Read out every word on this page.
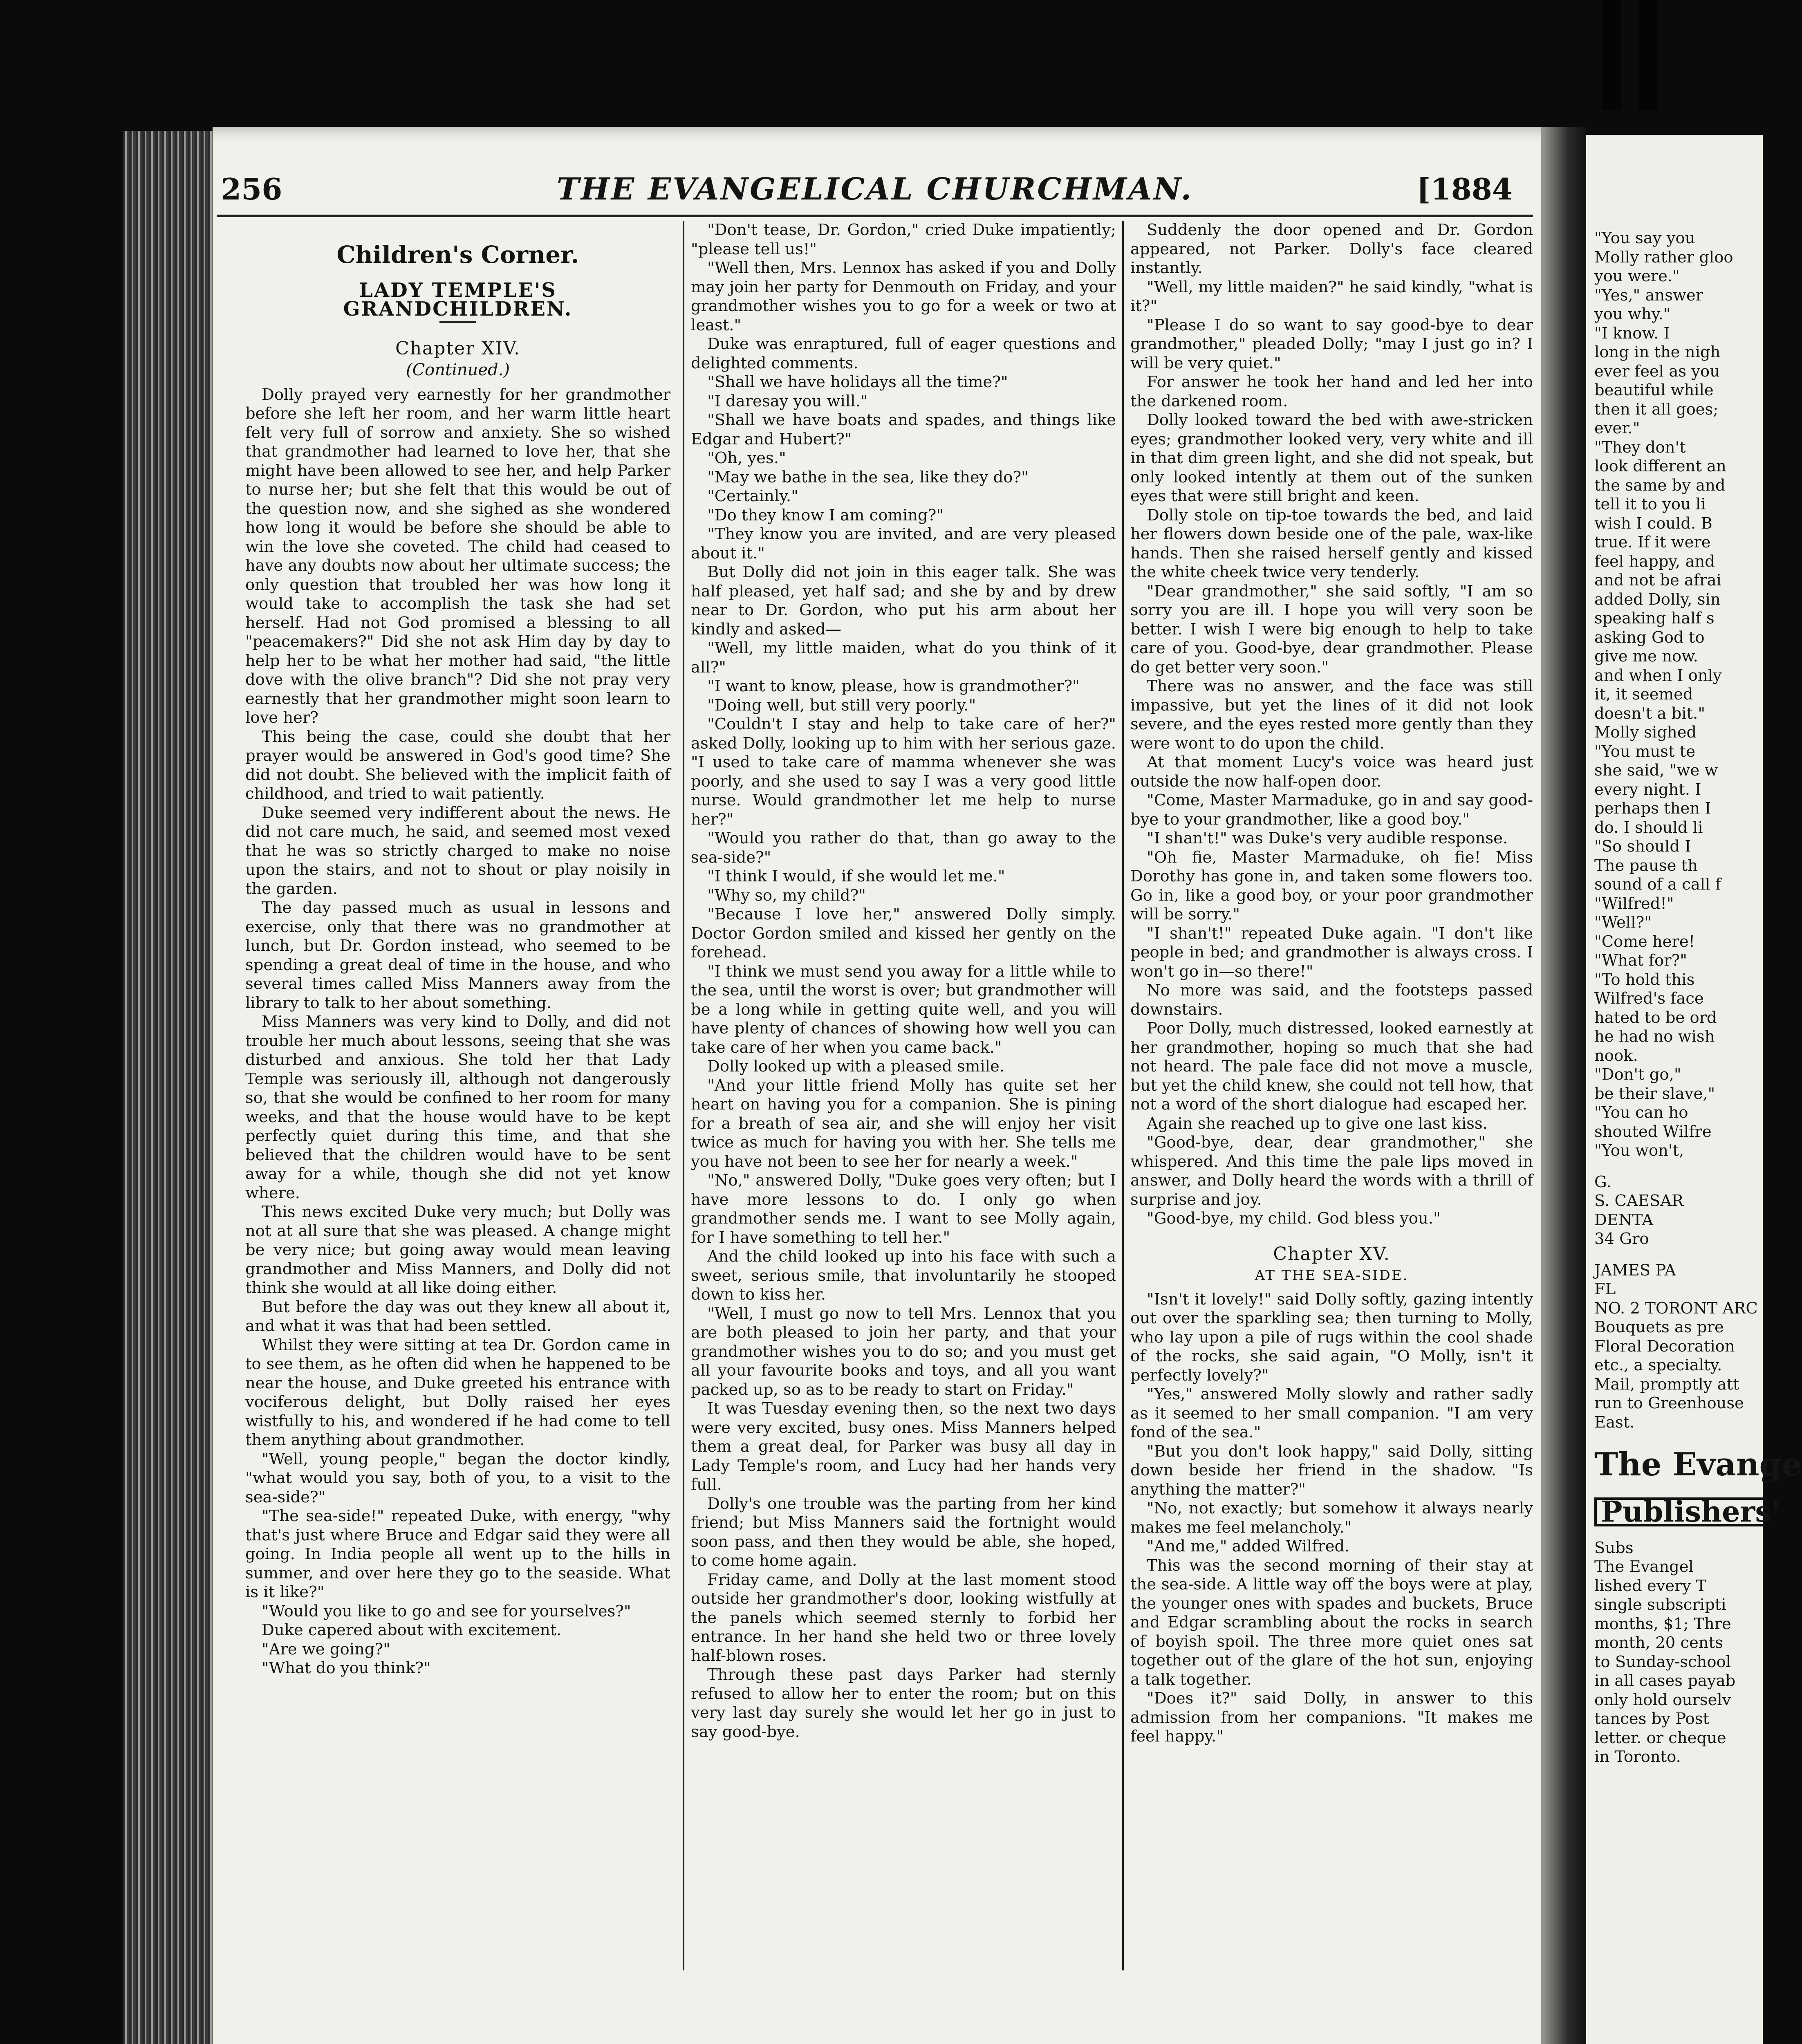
256	THE EVANGELICAL CHURCHMAN.	[1884
Children's Corner.
LADY TEMPLE'S GRANDCHILDREN.
Chapter XIV.
(Continued.)

Dolly prayed very earnestly for her grandmother before she left her room, and her warm little heart felt very full of sorrow and anxiety. She so wished that grandmother had learned to love her, that she might have been allowed to see her, and help Parker to nurse her; but she felt that this would be out of the question now, and she sighed as she wondered how long it would be before she should be able to win the love she coveted. The child had ceased to have any doubts now about her ultimate success; the only question that troubled her was how long it would take to accomplish the task she had set herself. Had not God promised a blessing to all "peacemakers?" Did she not ask Him day by day to help her to be what her mother had said, "the little dove with the olive branch"? Did she not pray very earnestly that her grandmother might soon learn to love her?

This being the case, could she doubt that her prayer would be answered in God's good time? She did not doubt. She believed with the implicit faith of childhood, and tried to wait patiently.

Duke seemed very indifferent about the news. He did not care much, he said, and seemed most vexed that he was so strictly charged to make no noise upon the stairs, and not to shout or play noisily in the garden.

The day passed much as usual in lessons and exercise, only that there was no grandmother at lunch, but Dr. Gordon instead, who seemed to be spending a great deal of time in the house, and who several times called Miss Manners away from the library to talk to her about something.

Miss Manners was very kind to Dolly, and did not trouble her much about lessons, seeing that she was disturbed and anxious. She told her that Lady Temple was seriously ill, although not dangerously so, that she would be confined to her room for many weeks, and that the house would have to be kept perfectly quiet during this time, and that she believed that the children would have to be sent away for a while, though she did not yet know where.

This news excited Duke very much; but Dolly was not at all sure that she was pleased. A change might be very nice; but going away would mean leaving grandmother and Miss Manners, and Dolly did not think she would at all like doing either.

But before the day was out they knew all about it, and what it was that had been settled.

Whilst they were sitting at tea Dr. Gordon came in to see them, as he often did when he happened to be near the house, and Duke greeted his entrance with vociferous delight, but Dolly raised her eyes wistfully to his, and wondered if he had come to tell them anything about grandmother.

"Well, young people," began the doctor kindly, "what would you say, both of you, to a visit to the sea-side?"

"The sea-side!" repeated Duke, with energy, "why that's just where Bruce and Edgar said they were all going. In India people all went up to the hills in summer, and over here they go to the seaside. What is it like?"

"Would you like to go and see for yourselves?"

Duke capered about with excitement.

"Are we going?"

"What do you think?"

"Don't tease, Dr. Gordon," cried Duke impatiently; "please tell us!"

"Well then, Mrs. Lennox has asked if you and Dolly may join her party for Denmouth on Friday, and your grandmother wishes you to go for a week or two at least."

Duke was enraptured, full of eager questions and delighted comments.

"Shall we have holidays all the time?"

"I daresay you will."

"Shall we have boats and spades, and things like Edgar and Hubert?"

"Oh, yes."

"May we bathe in the sea, like they do?"

"Certainly."

"Do they know I am coming?"

"They know you are invited, and are very pleased about it."

But Dolly did not join in this eager talk. She was half pleased, yet half sad; and she by and by drew near to Dr. Gordon, who put his arm about her kindly and asked—

"Well, my little maiden, what do you think of it all?"

"I want to know, please, how is grandmother?"

"Doing well, but still very poorly."

"Couldn't I stay and help to take care of her?" asked Dolly, looking up to him with her serious gaze. "I used to take care of mamma whenever she was poorly, and she used to say I was a very good little nurse. Would grandmother let me help to nurse her?"

"Would you rather do that, than go away to the sea-side?"

"I think I would, if she would let me."

"Why so, my child?"

"Because I love her," answered Dolly simply. Doctor Gordon smiled and kissed her gently on the forehead.

"I think we must send you away for a little while to the sea, until the worst is over; but grandmother will be a long while in getting quite well, and you will have plenty of chances of showing how well you can take care of her when you came back."

Dolly looked up with a pleased smile.

"And your little friend Molly has quite set her heart on having you for a companion. She is pining for a breath of sea air, and she will enjoy her visit twice as much for having you with her. She tells me you have not been to see her for nearly a week."

"No," answered Dolly, "Duke goes very often; but I have more lessons to do. I only go when grandmother sends me. I want to see Molly again, for I have something to tell her."

And the child looked up into his face with such a sweet, serious smile, that involuntarily he stooped down to kiss her.

"Well, I must go now to tell Mrs. Lennox that you are both pleased to join her party, and that your grandmother wishes you to do so; and you must get all your favourite books and toys, and all you want packed up, so as to be ready to start on Friday."

It was Tuesday evening then, so the next two days were very excited, busy ones. Miss Manners helped them a great deal, for Parker was busy all day in Lady Temple's room, and Lucy had her hands very full.

Dolly's one trouble was the parting from her kind friend; but Miss Manners said the fortnight would soon pass, and then they would be able, she hoped, to come home again.

Friday came, and Dolly at the last moment stood outside her grandmother's door, looking wistfully at the panels which seemed sternly to forbid her entrance. In her hand she held two or three lovely half-blown roses.

Through these past days Parker had sternly refused to allow her to enter the room; but on this very last day surely she would let her go in just to say good-bye.

Suddenly the door opened and Dr. Gordon appeared, not Parker. Dolly's face cleared instantly.

"Well, my little maiden?" he said kindly, "what is it?"

"Please I do so want to say good-bye to dear grandmother," pleaded Dolly; "may I just go in? I will be very quiet."

For answer he took her hand and led her into the darkened room.

Dolly looked toward the bed with awe-stricken eyes; grandmother looked very, very white and ill in that dim green light, and she did not speak, but only looked intently at them out of the sunken eyes that were still bright and keen.

Dolly stole on tip-toe towards the bed, and laid her flowers down beside one of the pale, wax-like hands. Then she raised herself gently and kissed the white cheek twice very tenderly.

"Dear grandmother," she said softly, "I am so sorry you are ill. I hope you will very soon be better. I wish I were big enough to help to take care of you. Good-bye, dear grandmother. Please do get better very soon."

There was no answer, and the face was still impassive, but yet the lines of it did not look severe, and the eyes rested more gently than they were wont to do upon the child.

At that moment Lucy's voice was heard just outside the now half-open door.

"Come, Master Marmaduke, go in and say good-bye to your grandmother, like a good boy."

"I shan't!" was Duke's very audible response.

"Oh fie, Master Marmaduke, oh fie! Miss Dorothy has gone in, and taken some flowers too. Go in, like a good boy, or your poor grandmother will be sorry."

"I shan't!" repeated Duke again. "I don't like people in bed; and grandmother is always cross. I won't go in—so there!"

No more was said, and the footsteps passed downstairs.

Poor Dolly, much distressed, looked earnestly at her grandmother, hoping so much that she had not heard. The pale face did not move a muscle, but yet the child knew, she could not tell how, that not a word of the short dialogue had escaped her.

Again she reached up to give one last kiss.

"Good-bye, dear, dear grandmother," she whispered. And this time the pale lips moved in answer, and Dolly heard the words with a thrill of surprise and joy.

"Good-bye, my child. God bless you."

Chapter XV.
AT THE SEA-SIDE.

"Isn't it lovely!" said Dolly softly, gazing intently out over the sparkling sea; then turning to Molly, who lay upon a pile of rugs within the cool shade of the rocks, she said again, "O Molly, isn't it perfectly lovely?"

"Yes," answered Molly slowly and rather sadly as it seemed to her small companion. "I am very fond of the sea."

"But you don't look happy," said Dolly, sitting down beside her friend in the shadow. "Is anything the matter?"

"No, not exactly; but somehow it always nearly makes me feel melancholy."

"And me," added Wilfred.

This was the second morning of their stay at the sea-side. A little way off the boys were at play, the younger ones with spades and buckets, Bruce and Edgar scrambling about the rocks in search of boyish spoil. The three more quiet ones sat together out of the glare of the hot sun, enjoying a talk together.

"Does it?" said Dolly, in answer to this admission from her companions. "It makes me feel happy."

"You say you
Molly rather gloo
you were."
"Yes," answer
you why."
"I know. I
long in the nigh
ever feel as you
beautiful while
then it all goes;
ever."
"They don't
look different an
the same by and
tell it to you li
wish I could. B
true. If it were
feel happy, and
and not be afrai
added Dolly, sin
speaking half s
asking God to
give me now.
and when I only
it, it seemed
doesn't a bit."
Molly sighed
"You must te
she said, "we w
every night. I
perhaps then I
do. I should li
"So should I
The pause th
sound of a call f
"Wilfred!"
"Well?"
"Come here!
"What for?"
"To hold this
Wilfred's face
hated to be ord
he had no wish
nook.
"Don't go,"
be their slave,"
"You can ho
shouted Wilfre
"You won't,
G.
S. CAESAR
DENTA
34 Gro
JAMES PA
FL
NO. 2 TORONT ARC
Bouquets as pre
Floral Decoration
etc., a specialty.
Mail, promptly att
run to Greenhouse
East.
The Evange
Publishers'
Subs
The Evangel
lished every T
single subscripti
months, $1; Thre
month, 20 cents
to Sunday-school
in all cases payab
only hold ourselv
tances by Post
letter. or cheque
in Toronto.
